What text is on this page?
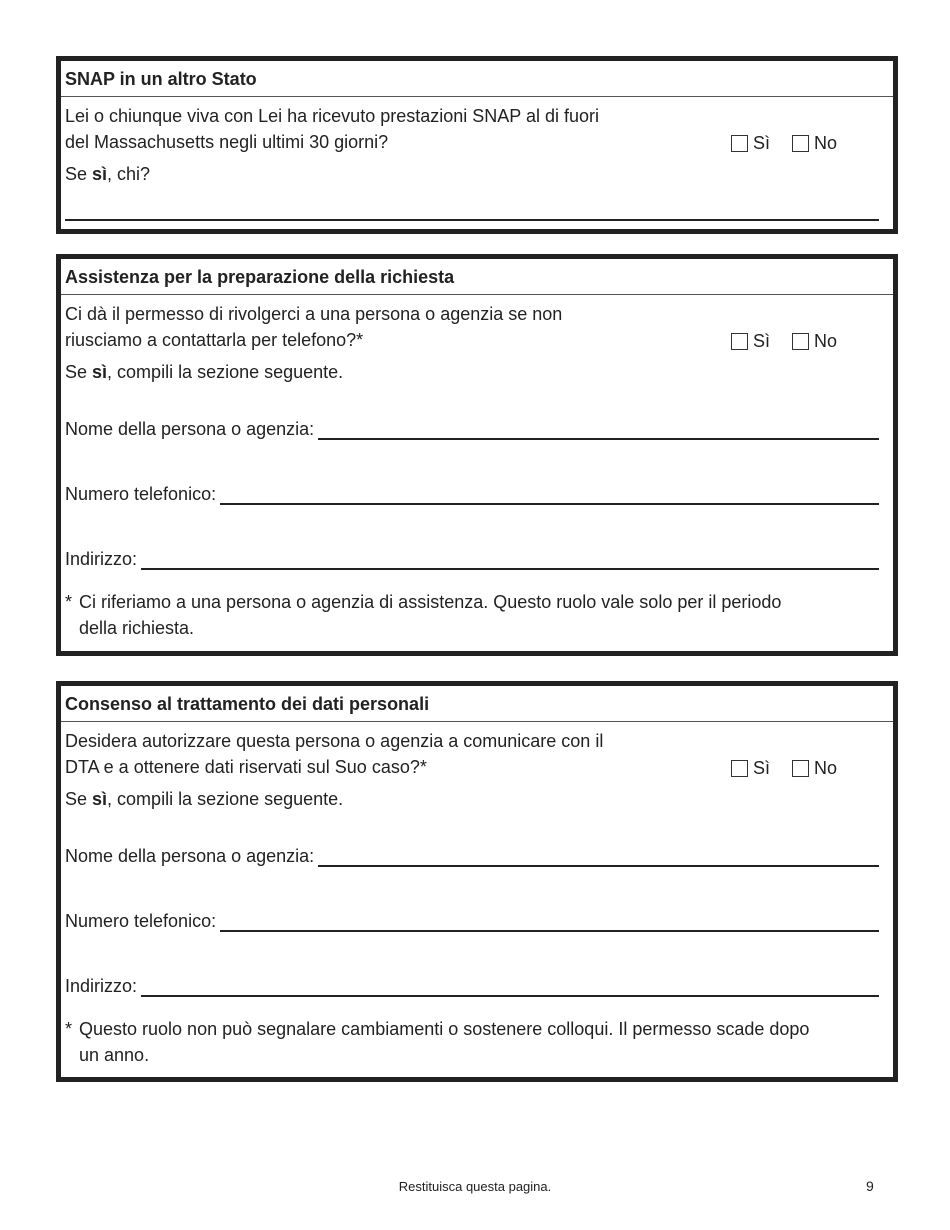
SNAP in un altro Stato
Lei o chiunque viva con Lei ha ricevuto prestazioni SNAP al di fuori
del Massachusetts negli ultimi 30 giorni?	Sì No
Se sì, chi?
Assistenza per la preparazione della richiesta
Ci dà il permesso di rivolgerci a una persona o agenzia se non
riusciamo a contattarla per telefono?*	Sì No
Se sì, compili la sezione seguente.
Nome della persona o agenzia:
Numero telefonico:
Indirizzo:
* Ci riferiamo a una persona o agenzia di assistenza. Questo ruolo vale solo per il periodo
della richiesta.
Consenso al trattamento dei dati personali
Desidera autorizzare questa persona o agenzia a comunicare con il
DTA e a ottenere dati riservati sul Suo caso?*	Sì No
Se sì, compili la sezione seguente.
Nome della persona o agenzia:
Numero telefonico:
Indirizzo:
* Questo ruolo non può segnalare cambiamenti o sostenere colloqui. Il permesso scade dopo
un anno.
Restituisca questa pagina.	9
